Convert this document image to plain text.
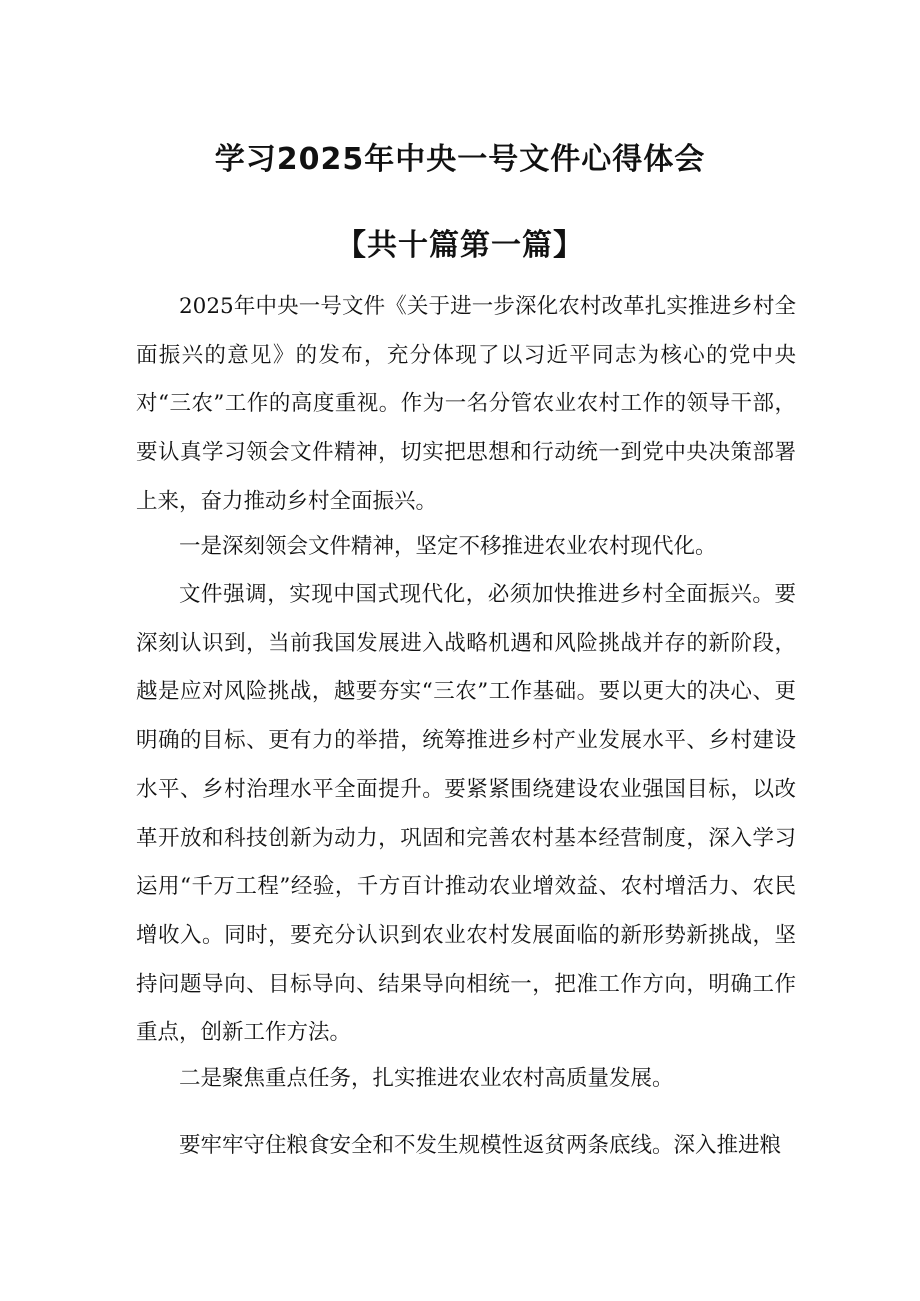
学习2025年中央一号文件心得体会
【共十篇第一篇】

2025年中央一号文件《关于进一步深化农村改革扎实推进乡村全面振兴的意见》的发布，充分体现了以习近平同志为核心的党中央对“三农”工作的高度重视。作为一名分管农业农村工作的领导干部，要认真学习领会文件精神，切实把思想和行动统一到党中央决策部署上来，奋力推动乡村全面振兴。

一是深刻领会文件精神，坚定不移推进农业农村现代化。

文件强调，实现中国式现代化，必须加快推进乡村全面振兴。要深刻认识到，当前我国发展进入战略机遇和风险挑战并存的新阶段，越是应对风险挑战，越要夯实“三农”工作基础。要以更大的决心、更明确的目标、更有力的举措，统筹推进乡村产业发展水平、乡村建设水平、乡村治理水平全面提升。要紧紧围绕建设农业强国目标，以改革开放和科技创新为动力，巩固和完善农村基本经营制度，深入学习运用“千万工程”经验，千方百计推动农业增效益、农村增活力、农民增收入。同时，要充分认识到农业农村发展面临的新形势新挑战，坚持问题导向、目标导向、结果导向相统一，把准工作方向，明确工作重点，创新工作方法。

二是聚焦重点任务，扎实推进农业农村高质量发展。

要牢牢守住粮食安全和不发生规模性返贫两条底线。深入推进粮
